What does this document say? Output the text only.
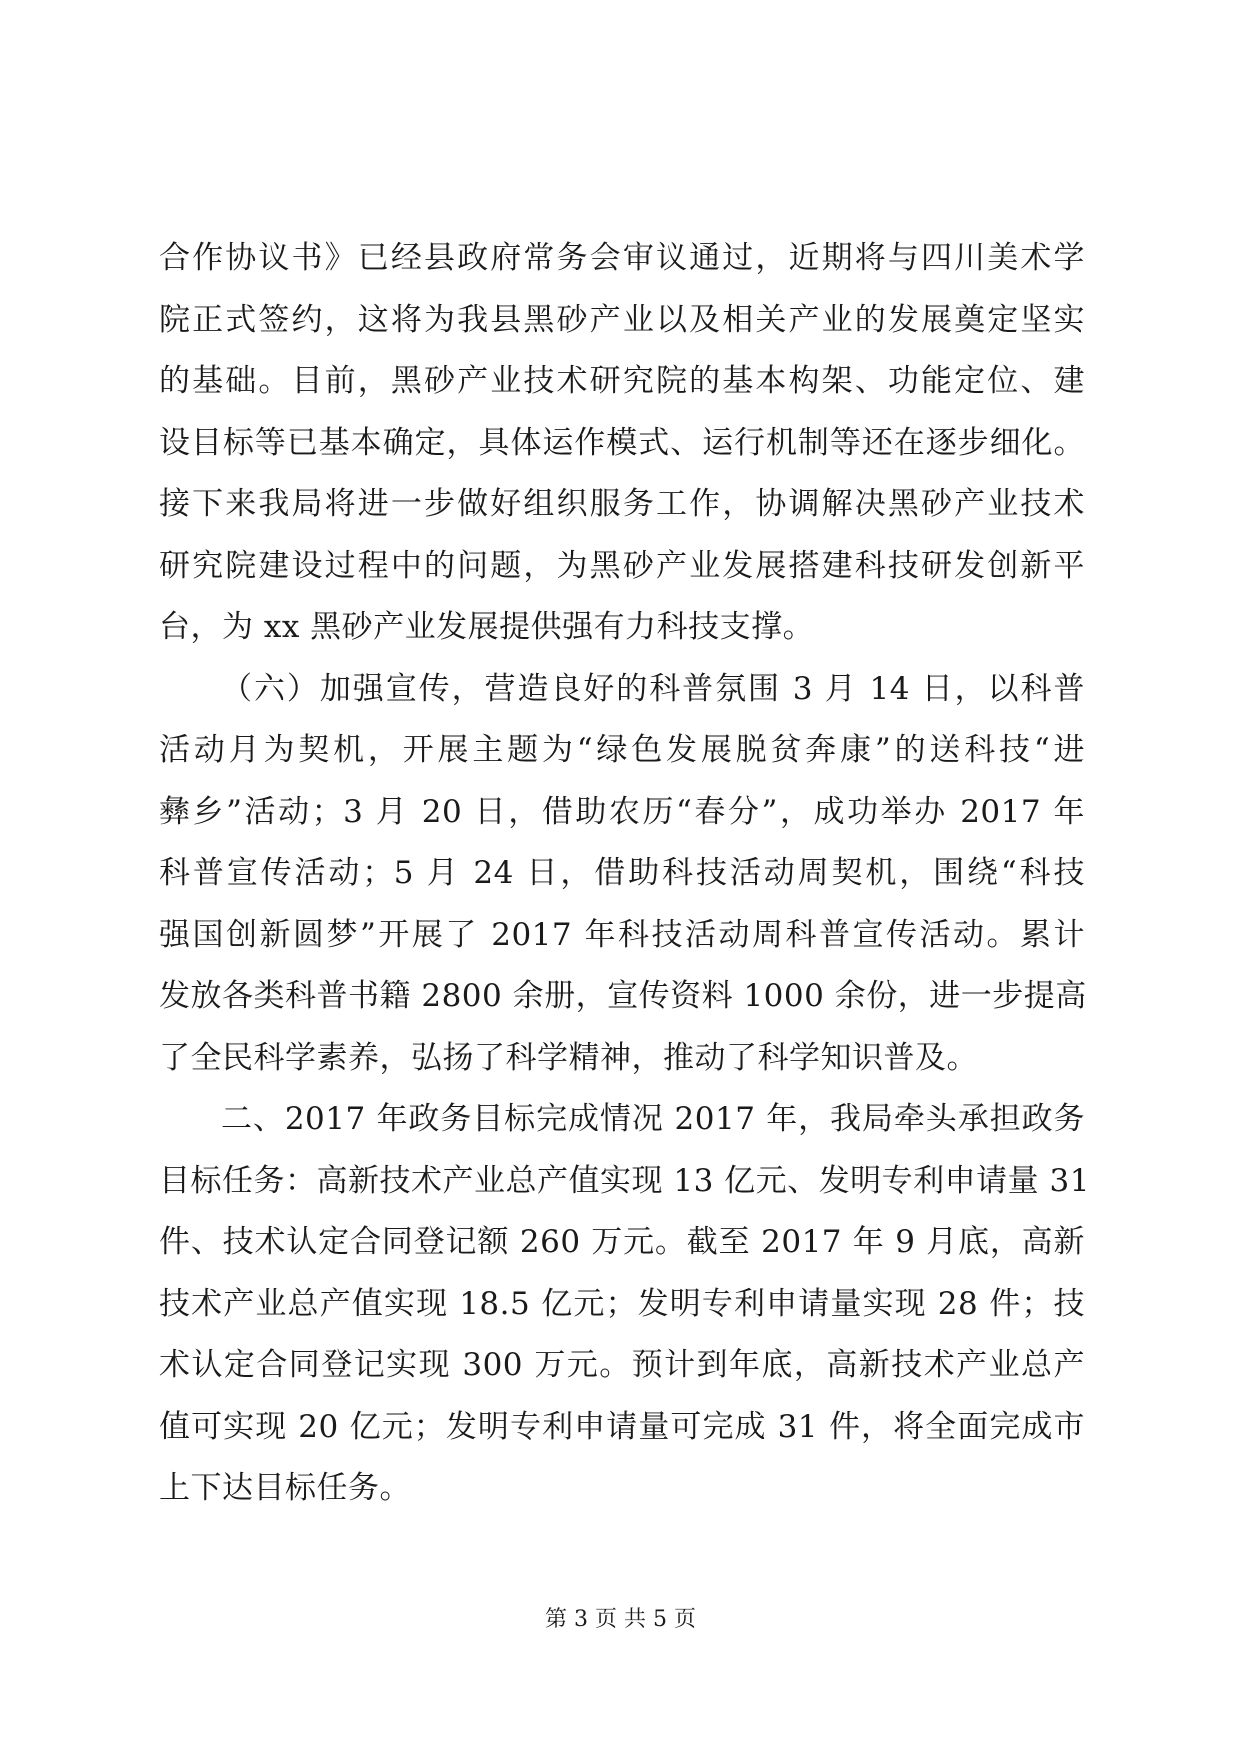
合作协议书》已经县政府常务会审议通过，近期将与四川美术学
院正式签约，这将为我县黑砂产业以及相关产业的发展奠定坚实
的基础。目前，黑砂产业技术研究院的基本构架、功能定位、建
设目标等已基本确定，具体运作模式、运行机制等还在逐步细化。
接下来我局将进一步做好组织服务工作，协调解决黑砂产业技术
研究院建设过程中的问题，为黑砂产业发展搭建科技研发创新平
台，为 xx 黑砂产业发展提供强有力科技支撑。
（六）加强宣传，营造良好的科普氛围 3 月 14 日，以科普
活动月为契机，开展主题为“绿色发展脱贫奔康”的送科技“进
彝乡”活动；3 月 20 日，借助农历“春分”，成功举办 2017 年
科普宣传活动；5 月 24 日，借助科技活动周契机，围绕“科技
强国创新圆梦”开展了 2017 年科技活动周科普宣传活动。累计
发放各类科普书籍 2800 余册，宣传资料 1000 余份，进一步提高
了全民科学素养，弘扬了科学精神，推动了科学知识普及。
二、2017 年政务目标完成情况 2017 年，我局牵头承担政务
目标任务：高新技术产业总产值实现 13 亿元、发明专利申请量 31
件、技术认定合同登记额 260 万元。截至 2017 年 9 月底，高新
技术产业总产值实现 18.5 亿元；发明专利申请量实现 28 件；技
术认定合同登记实现 300 万元。预计到年底，高新技术产业总产
值可实现 20 亿元；发明专利申请量可完成 31 件，将全面完成市
上下达目标任务。
第 3 页 共 5 页
